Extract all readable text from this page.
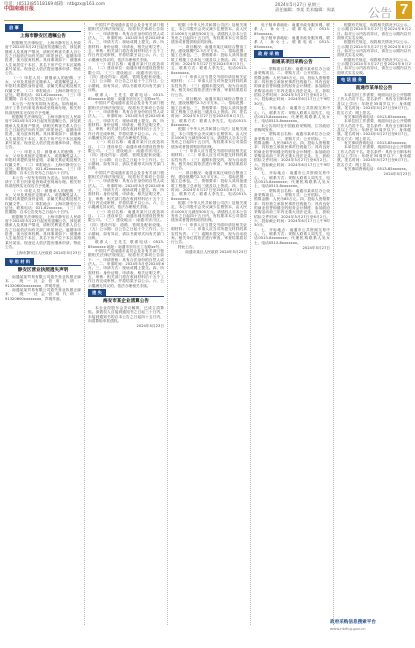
电话：(0513)85118169 邮箱：ntbgzx@163.com
中国南通日报
2024年5月27日 星期三
责任编辑：李某 美术编辑：周某	公告 7
启 事
上海市静安区遗嘱公告

根据相关法律规定，上海市静安区人民政府于2024年5月23日起发布遗嘱公告，涉及被继承人及其财产情况，请相关利害关系人自公告之日起依法向有关部门申报登记。逾期未申报者，视为放弃权利。具体事项如下：被继承人生前居住于本区，其名下房产位于本区某路某号某室。现登记人依法提出继承申请，特此公告。

（一）申报人员：被继承人的配偶、子女、父母及其他法定继承人，或遗嘱受益人。申报时须提供身份证明、亲属关系证明及相关权属文件。（二）申报地点：上海市静安区公证处。联系电话：021-62xxxxxx。（三）申报期限：自本公告发布之日起六十日内。

本公告一经发布即视为送达。如有疑问，请于工作日内来电咨询或至现场办理。相关材料须经核实无误后方予受理。

根据相关法律规定，上海市静安区人民政府于2024年5月23日起发布遗嘱公告，涉及被继承人及其财产情况，请相关利害关系人自公告之日起依法向有关部门申报登记。逾期未申报者，视为放弃权利。具体事项如下：被继承人生前居住于本区，其名下房产位于本区某路某号某室。现登记人依法提出继承申请，特此公告。

（一）申报人员：被继承人的配偶、子女、父母及其他法定继承人，或遗嘱受益人。申报时须提供身份证明、亲属关系证明及相关权属文件。（二）申报地点：上海市静安区公证处。联系电话：021-62xxxxxx。（三）申报期限：自本公告发布之日起六十日内。

本公告一经发布即视为送达。如有疑问，请于工作日内来电咨询或至现场办理。相关材料须经核实无误后方予受理。

（一）申报人员：被继承人的配偶、子女、父母及其他法定继承人，或遗嘱受益人。申报时须提供身份证明、亲属关系证明及相关权属文件。（二）申报地点：上海市静安区公证处。联系电话：021-62xxxxxx。（三）申报期限：自本公告发布之日起六十日内。

根据相关法律规定，上海市静安区人民政府于2024年5月23日起发布遗嘱公告，涉及被继承人及其财产情况，请相关利害关系人自公告之日起依法向有关部门申报登记。逾期未申报者，视为放弃权利。具体事项如下：被继承人生前居住于本区，其名下房产位于本区某路某号某室。现登记人依法提出继承申请，特此公告。

上海市静安区人民政府 2024年5月23日
专 用 材 料
静安区营业执照遗失声明

南通某某贸易有限公司遗失营业执照正副本，统一社会信用代码：91320600xxxxxxxx，声明作废。

南通某某贸易有限公司遗失营业执照正副本，统一社会信用代码：91320600xxxxxxxx，声明作废。

中国共产党南通市委员会及各有关部门根据相关法律法规规定，现将有关事项公告如下：一、申请资格：具有合法身份的自然人或法人。二、申请时间：2024年5月至2024年6月。三、申请方式：现场或网上提交。四、所需材料：身份证明、申请表、相关证明文件。五、审核：相关部门将在收到材料后十五个工作日内完成审核，并将结果予以公示。六、公示期满无异议的，依法办理相关手续。

（一）项目名称：南通市某片区改造项目。（二）建设单位：南通市城市建设投资有限公司。（三）建设地点：南通市崇川区。（四）建设内容：道路、管网及配套设施。（五）公示期：自公告之日起十个工作日。公示期间，如有异议，请以书面形式向有关部门反映。

联系人：王先生 联系电话：0513-85xxxxxx 地址：南通市崇川区工农路xx号。

中国共产党南通市委员会及各有关部门根据相关法律法规规定，现将有关事项公告如下：一、申请资格：具有合法身份的自然人或法人。二、申请时间：2024年5月至2024年6月。三、申请方式：现场或网上提交。四、所需材料：身份证明、申请表、相关证明文件。五、审核：相关部门将在收到材料后十五个工作日内完成审核，并将结果予以公示。六、公示期满无异议的，依法办理相关手续。

（一）项目名称：南通市某片区改造项目。（二）建设单位：南通市城市建设投资有限公司。（三）建设地点：南通市崇川区。（四）建设内容：道路、管网及配套设施。（五）公示期：自公告之日起十个工作日。公示期间，如有异议，请以书面形式向有关部门反映。

中国共产党南通市委员会及各有关部门根据相关法律法规规定，现将有关事项公告如下：一、申请资格：具有合法身份的自然人或法人。二、申请时间：2024年5月至2024年6月。三、申请方式：现场或网上提交。四、所需材料：身份证明、申请表、相关证明文件。五、审核：相关部门将在收到材料后十五个工作日内完成审核，并将结果予以公示。六、公示期满无异议的，依法办理相关手续。

（一）项目名称：南通市某片区改造项目。（二）建设单位：南通市城市建设投资有限公司。（三）建设地点：南通市崇川区。（四）建设内容：道路、管网及配套设施。（五）公示期：自公告之日起十个工作日。公示期间，如有异议，请以书面形式向有关部门反映。

联系人：王先生 联系电话：0513-85xxxxxx 地址：南通市崇川区工农路xx号。

中国共产党南通市委员会及各有关部门根据相关法律法规规定，现将有关事项公告如下：一、申请资格：具有合法身份的自然人或法人。二、申请时间：2024年5月至2024年6月。三、申请方式：现场或网上提交。四、所需材料：身份证明、申请表、相关证明文件。五、审核：相关部门将在收到材料后十五个工作日内完成审核，并将结果予以公示。六、公示期满无异议的，依法办理相关手续。

遗 失
海安市某企业清算公告

本企业经股东会决议解散，已成立清算组。请债权人自接到通知书之日起三十日内，未接到通知书的自本公告之日起四十五日内，向清算组申报债权。

2024年5月23日

根据《中华人民共和国公司法》及相关规定，本公司股东会决议减少注册资本，由人民币1000万元减至500万元。请债权人自本公告发布之日起四十五日内，有权要求本公司清偿债务或者提供相应的担保。

一、项目概况：南通市某区域综合整治工程，建设规模约2.3万平方米。二、招标范围：施工总承包。三、资格要求：投标人须具备建筑工程施工总承包三级及以上资质。四、报名时间：2024年5月27日至2024年6月3日。五、联系方式：联系人李先生，电话0513-8xxxxxxx。

（一）申请人应当提交书面申请及相关证明材料；（二）申请人应当对所提交材料的真实性负责；（三）逾期未提交的，视为自动放弃。相关单位将依法进行审查，审查结果将另行公告。

一、项目概况：南通市某区域综合整治工程，建设规模约2.3万平方米。二、招标范围：施工总承包。三、资格要求：投标人须具备建筑工程施工总承包三级及以上资质。四、报名时间：2024年5月27日至2024年6月3日。五、联系方式：联系人李先生，电话0513-8xxxxxxx。

根据《中华人民共和国公司法》及相关规定，本公司股东会决议减少注册资本，由人民币1000万元减至500万元。请债权人自本公告发布之日起四十五日内，有权要求本公司清偿债务或者提供相应的担保。

（一）申请人应当提交书面申请及相关证明材料；（二）申请人应当对所提交材料的真实性负责；（三）逾期未提交的，视为自动放弃。相关单位将依法进行审查，审查结果将另行公告。

一、项目概况：南通市某区域综合整治工程，建设规模约2.3万平方米。二、招标范围：施工总承包。三、资格要求：投标人须具备建筑工程施工总承包三级及以上资质。四、报名时间：2024年5月27日至2024年6月3日。五、联系方式：联系人李先生，电话0513-8xxxxxxx。

根据《中华人民共和国公司法》及相关规定，本公司股东会决议减少注册资本，由人民币1000万元减至500万元。请债权人自本公告发布之日起四十五日内，有权要求本公司清偿债务或者提供相应的担保。

（一）申请人应当提交书面申请及相关证明材料；（二）申请人应当对所提交材料的真实性负责；（三）逾期未提交的，视为自动放弃。相关单位将依法进行审查，审查结果将另行公告。

特此公告。

南通市某区人民政府 2024年5月23日

电子版申请地址：南通市政务服务网。联系人：孙女士。联系电话：0513-85xxxxxx。

电子版申请地址：南通市政务服务网。联系人：孙女士。联系电话：0513-85xxxxxx。

政 府 采 购
南通某项目采购公告

一、采购项目名称：南通市某单位办公设备采购项目。二、采购方式：公开招标。三、预算金额：人民币85万元。四、投标人资格要求：具有独立承担民事责任的能力；具有良好的商业信誉和健全的财务会计制度；参加政府采购活动前三年内无重大违法记录。五、获取招标文件时间：2024年5月27日至6月2日。六、投标截止时间：2024年6月17日上午9时30分。

七、开标地点：南通市公共资源交易中心。八、联系方式：采购人联系人周先生，电话0513-8xxxxxxx；代理机构联系人吴女士，电话0513-8xxxxxxx。

本公告同时在中国政府采购网、江苏政府采购网发布。

一、采购项目名称：南通市某单位办公设备采购项目。二、采购方式：公开招标。三、预算金额：人民币85万元。四、投标人资格要求：具有独立承担民事责任的能力；具有良好的商业信誉和健全的财务会计制度；参加政府采购活动前三年内无重大违法记录。五、获取招标文件时间：2024年5月27日至6月2日。六、投标截止时间：2024年6月17日上午9时30分。

七、开标地点：南通市公共资源交易中心。八、联系方式：采购人联系人周先生，电话0513-8xxxxxxx；代理机构联系人吴女士，电话0513-8xxxxxxx。

一、采购项目名称：南通市某单位办公设备采购项目。二、采购方式：公开招标。三、预算金额：人民币85万元。四、投标人资格要求：具有独立承担民事责任的能力；具有良好的商业信誉和健全的财务会计制度；参加政府采购活动前三年内无重大违法记录。五、获取招标文件时间：2024年5月27日至6月2日。六、投标截止时间：2024年6月17日上午9时30分。

七、开标地点：南通市公共资源交易中心。八、联系方式：采购人联系人周先生，电话0513-8xxxxxxx；代理机构联系人吴女士，电话0513-8xxxxxxx。

2024年5月27日

根据有关规定，现将相关情况予以公示。公示期自2024年5月27日至2024年6月2日。如对公示内容有异议，请在公示期内以书面形式实名反映。

根据有关规定，现将相关情况予以公示。公示期自2024年5月27日至2024年6月2日。如对公示内容有异议，请在公示期内以书面形式实名反映。

根据有关规定，现将相关情况予以公示。公示期自2024年5月27日至2024年6月2日。如对公示内容有异议，请在公示期内以书面形式实名反映。

电 话 服 务
南通市某单位公告

本单位因工作需要，现面向社会公开招聘工作人员若干名。报名条件：具有全日制本科及以上学历；年龄在35周岁以下；身体健康。报名时间：2024年5月27日至6月7日。报名方式：网上报名。

有关事项咨询电话：0513-85xxxxxx。

本单位因工作需要，现面向社会公开招聘工作人员若干名。报名条件：具有全日制本科及以上学历；年龄在35周岁以下；身体健康。报名时间：2024年5月27日至6月7日。报名方式：网上报名。

有关事项咨询电话：0513-85xxxxxx。

本单位因工作需要，现面向社会公开招聘工作人员若干名。报名条件：具有全日制本科及以上学历；年龄在35周岁以下；身体健康。报名时间：2024年5月27日至6月7日。报名方式：网上报名。

有关事项咨询电话：0513-85xxxxxx。

2024年5月23日
政府采购信息搜索平台
www.ntzfcg.gov.cn
